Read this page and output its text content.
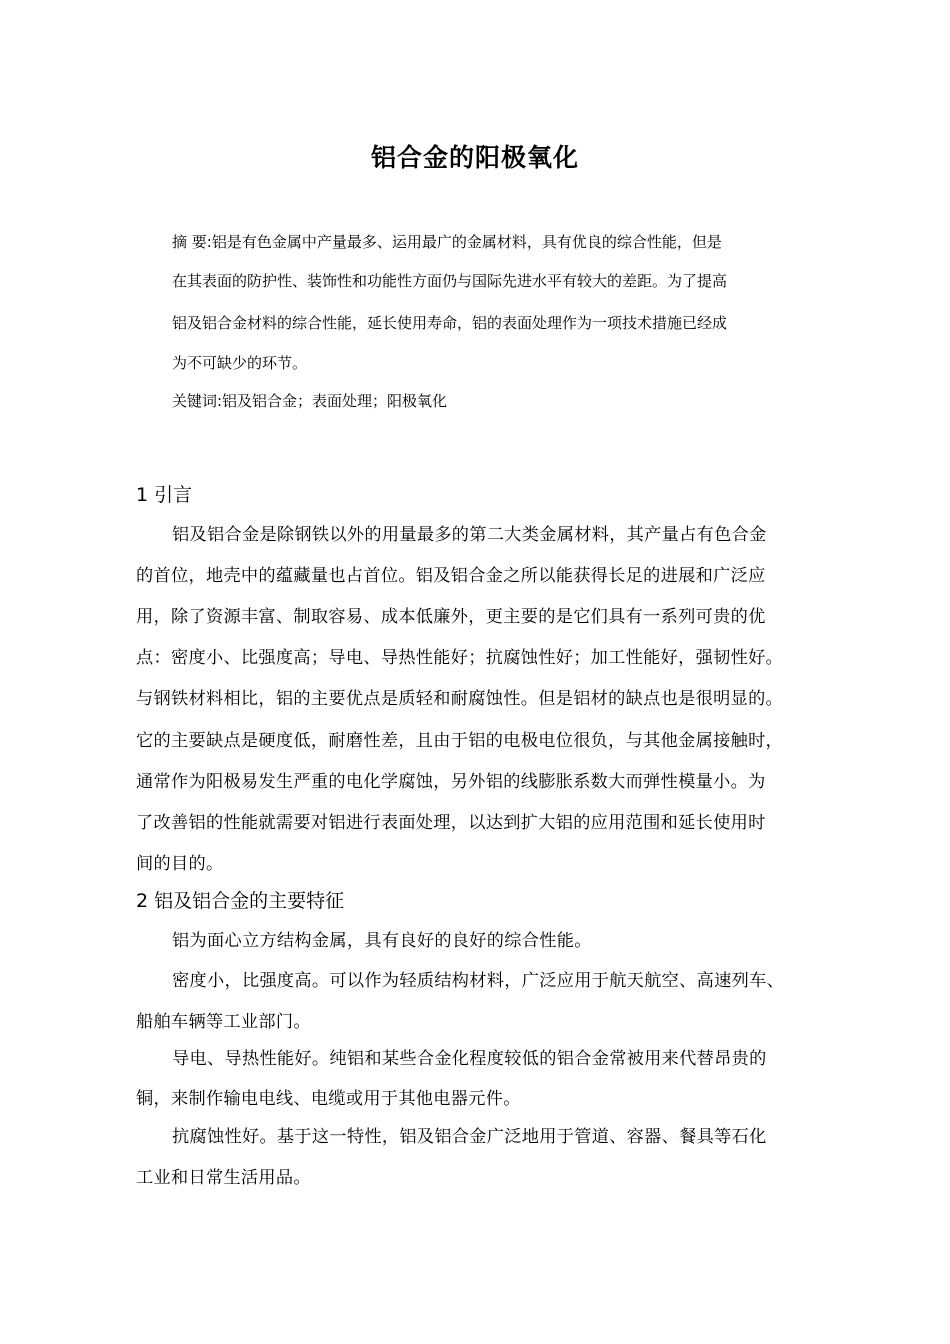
铝合金的阳极氧化
摘 要:铝是有色金属中产量最多、运用最广的金属材料，具有优良的综合性能，但是
在其表面的防护性、装饰性和功能性方面仍与国际先进水平有较大的差距。为了提高
铝及铝合金材料的综合性能，延长使用寿命，铝的表面处理作为一项技术措施已经成
为不可缺少的环节。
关键词:铝及铝合金；表面处理；阳极氧化
1 引言
铝及铝合金是除钢铁以外的用量最多的第二大类金属材料，其产量占有色合金
的首位，地壳中的蕴藏量也占首位。铝及铝合金之所以能获得长足的进展和广泛应
用，除了资源丰富、制取容易、成本低廉外，更主要的是它们具有一系列可贵的优
点：密度小、比强度高；导电、导热性能好；抗腐蚀性好；加工性能好，强韧性好。
与钢铁材料相比，铝的主要优点是质轻和耐腐蚀性。但是铝材的缺点也是很明显的。
它的主要缺点是硬度低，耐磨性差，且由于铝的电极电位很负，与其他金属接触时，
通常作为阳极易发生严重的电化学腐蚀，另外铝的线膨胀系数大而弹性模量小。为
了改善铝的性能就需要对铝进行表面处理，以达到扩大铝的应用范围和延长使用时
间的目的。
2 铝及铝合金的主要特征
铝为面心立方结构金属，具有良好的良好的综合性能。
密度小，比强度高。可以作为轻质结构材料，广泛应用于航天航空、高速列车、
船舶车辆等工业部门。
导电、导热性能好。纯铝和某些合金化程度较低的铝合金常被用来代替昂贵的
铜，来制作输电电线、电缆或用于其他电器元件。
抗腐蚀性好。基于这一特性，铝及铝合金广泛地用于管道、容器、餐具等石化
工业和日常生活用品。
